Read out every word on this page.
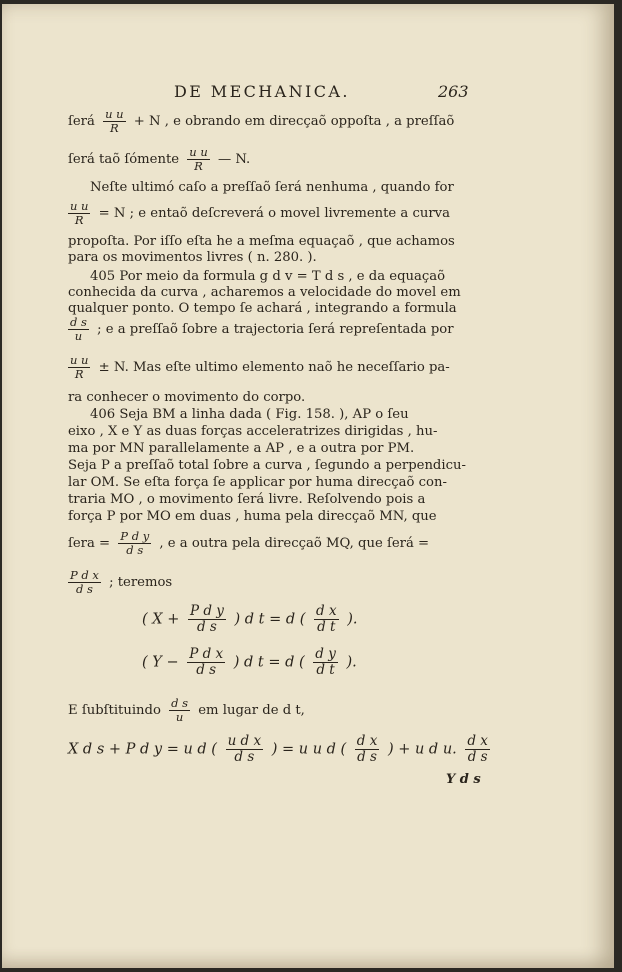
DE MECHANICA.	263
ſerá $\frac{\text{u u}}{R} + N$ , e obrando em direcçaõ oppoſta , a preſſaõ
ſerá taõ ſómente $\frac{\text{u u}}{R}$ — N.
Neſte ultimó caſo a preſſaõ ſerá nenhuma , quando for
$\frac{\text{u u}}{R} = N$ ; e entaõ deſcreverá o movel livremente a curva
propoſta. Por iſſo eſta he a meſma equaçaõ , que achamos
para os movimentos livres ( n. 280. ).
405 Por meio da formula g d v = T d s , e da equaçaõ
conhecida da curva , acharemos a velocidade do movel em
qualquer ponto. O tempo ſe achará , integrando a formula
$\frac{\text{d s}}{u}$ ; e a preſſaõ ſobre a trajectoria ſerá repreſentada por
$\frac{\text{u u}}{R} \pm N$. Mas eſte ultimo elemento naõ he neceſſario pa-
ra conhecer o movimento do corpo.
406 Seja BM a linha dada ( Fig. 158. ), AP o ſeu
eixo , X e Y as duas forças acceleratrizes dirigidas , hu-
ma por MN parallelamente a AP , e a outra por PM.
Seja P a preſſaõ total ſobre a curva , ſegundo a perpendicu-
lar OM. Se eſta força ſe applicar por huma direcçaõ con-
traria MO , o movimento ſerá livre. Reſolvendo pois a
força P por MO em duas , huma pela direcçaõ MN, que
ſera = $\frac{\text{P d y}}{\text{d s}}$ , e a outra pela direcçaõ MQ, que ſerá =
$\frac{\text{P d x}}{\text{d s}}$ ; teremos
( $X + \frac{\text{P d y}}{\text{d s}}$ ) d t = d ( $\frac{\text{d x}}{\text{d t}}$ ).
( $Y - \frac{\text{P d x}}{\text{d s}}$ ) d t = d ( $\frac{\text{d y}}{\text{d t}}$ ).
E ſubſtituindo $\frac{\text{d s}}{u}$ em lugar de d t,
X d s + P d y = u d ( $\frac{\text{u d x}}{\text{d s}}$ ) = u u d ( $\frac{\text{d x}}{\text{d s}}$ ) + u d u. $\frac{\text{d x}}{\text{d s}}$
Y d s
